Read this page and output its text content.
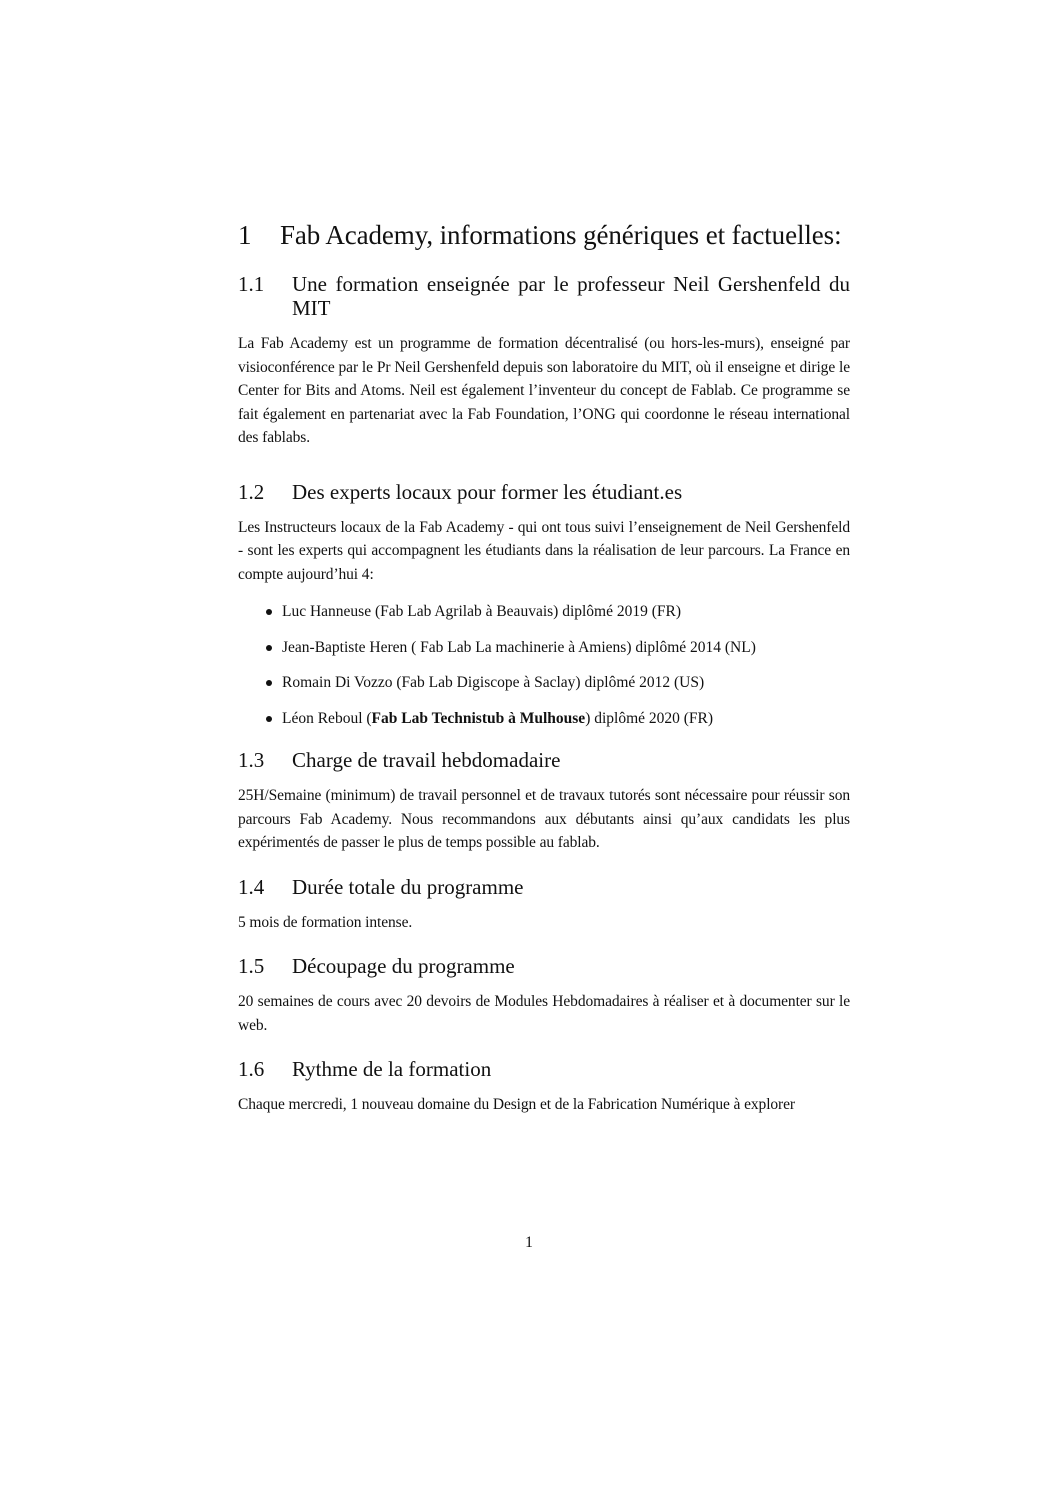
1	Fab Academy, informations génériques et factuelles:
1.1	Une formation enseignée par le professeur Neil Gershenfeld du MIT

La Fab Academy est un programme de formation décentralisé (ou hors-les-murs), enseigné par visioconférence par le Pr Neil Gershenfeld depuis son laboratoire du MIT, où il enseigne et dirige le Center for Bits and Atoms. Neil est également l’inventeur du concept de Fablab. Ce programme se fait également en partenariat avec la Fab Foundation, l’ONG qui coordonne le réseau international des fablabs.

1.2	Des experts locaux pour former les étudiant.es

Les Instructeurs locaux de la Fab Academy - qui ont tous suivi l’enseignement de Neil Gershenfeld - sont les experts qui accompagnent les étudiants dans la réalisation de leur parcours. La France en compte aujourd’hui 4:

Luc Hanneuse (Fab Lab Agrilab à Beauvais) diplômé 2019 (FR)
Jean-Baptiste Heren ( Fab Lab La machinerie à Amiens) diplômé 2014 (NL)
Romain Di Vozzo (Fab Lab Digiscope à Saclay) diplômé 2012 (US)
Léon Reboul (Fab Lab Technistub à Mulhouse) diplômé 2020 (FR)
1.3	Charge de travail hebdomadaire

25H/Semaine (minimum) de travail personnel et de travaux tutorés sont nécessaire pour réussir son parcours Fab Academy. Nous recommandons aux débutants ainsi qu’aux candidats les plus expérimentés de passer le plus de temps possible au fablab.

1.4	Durée totale du programme

5 mois de formation intense.

1.5	Découpage du programme

20 semaines de cours avec 20 devoirs de Modules Hebdomadaires à réaliser et à documenter sur le web.

1.6	Rythme de la formation

Chaque mercredi, 1 nouveau domaine du Design et de la Fabrication Numérique à explorer

1
